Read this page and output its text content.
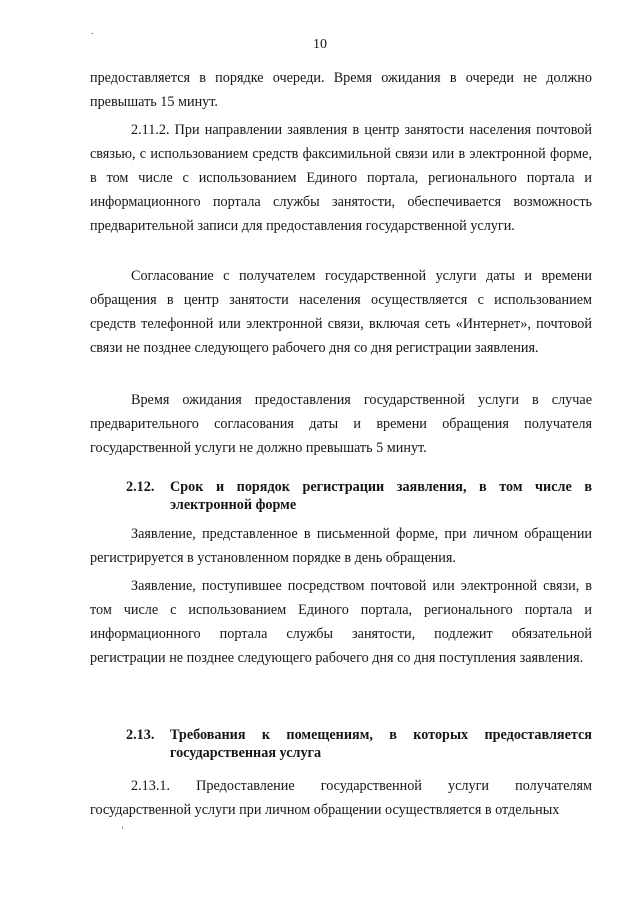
.
10

предоставляется в порядке очереди. Время ожидания в очереди не должно превышать 15 минут.

2.11.2. При направлении заявления в центр занятости населения почтовой связью, с использованием средств факсимильной связи или в электронной форме, в том числе с использованием Единого портала, регионального портала и информационного портала службы занятости, обеспечивается возможность предварительной записи для предоставления государственной услуги.

Согласование с получателем государственной услуги даты и времени обращения в центр занятости населения осуществляется с использованием средств телефонной или электронной связи, включая сеть «Интернет», почтовой связи не позднее следующего рабочего дня со дня регистрации заявления.

Время ожидания предоставления государственной услуги в случае предварительного согласования даты и времени обращения получателя государственной услуги не должно превышать 5 минут.

2.12.	Срок и порядок регистрации заявления, в том числе в электронной форме

Заявление, представленное в письменной форме, при личном обращении регистрируется в установленном порядке в день обращения.

Заявление, поступившее посредством почтовой или электронной связи, в том числе с использованием Единого портала, регионального портала и информационного портала службы занятости, подлежит обязательной регистрации не позднее следующего рабочего дня со дня поступления заявления.

2.13.	Требования к помещениям, в которых предоставляется государственная услуга

2.13.1. Предоставление государственной услуги получателям государственной услуги при личном обращении осуществляется в отдельных
